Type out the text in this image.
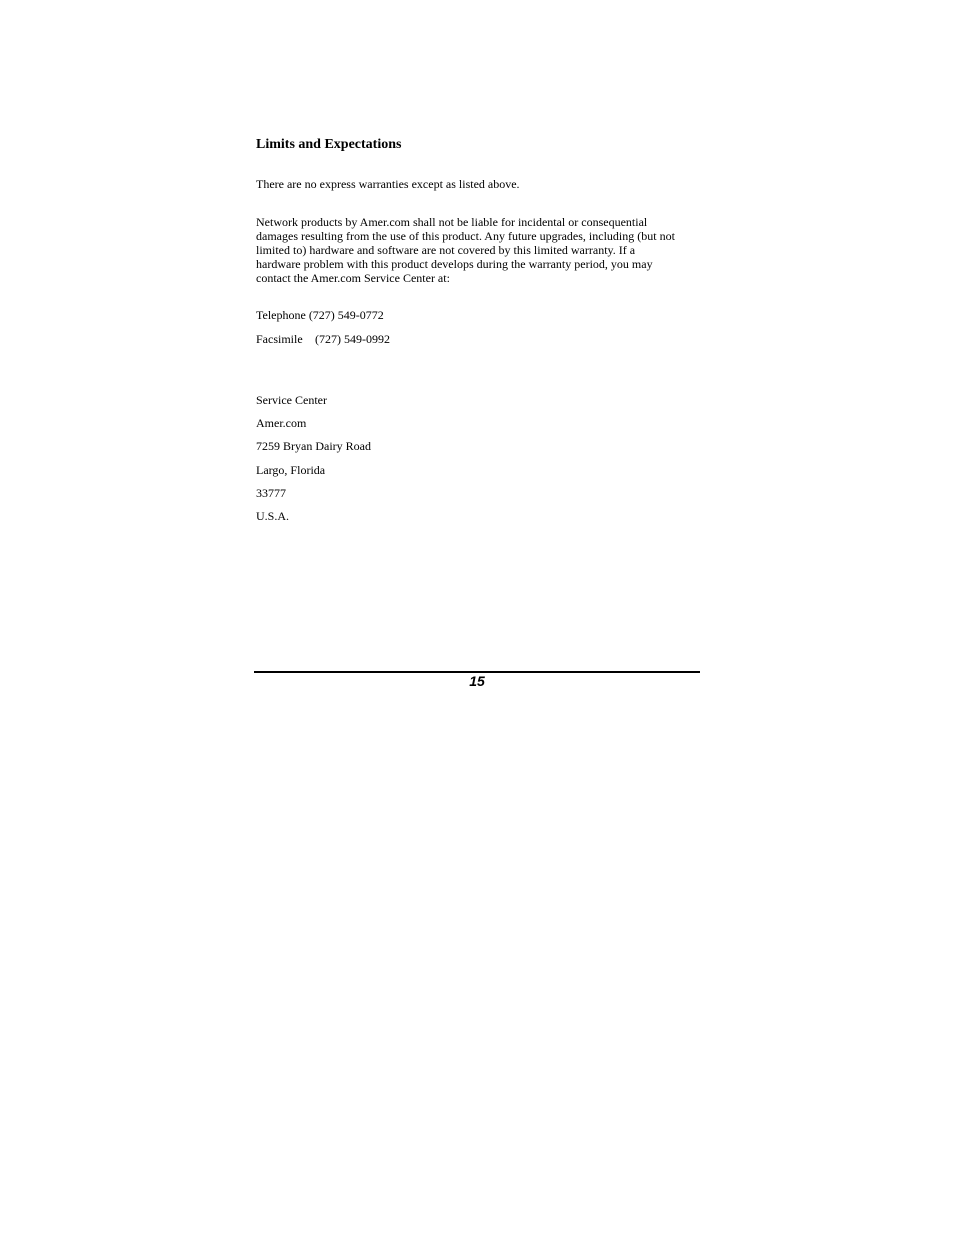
Limits and Expectations

There are no express warranties except as listed above.

Network products by Amer.com shall not be liable for incidental or consequential
damages resulting from the use of this product. Any future upgrades, including (but not
limited to) hardware and software are not covered by this limited warranty. If a
hardware problem with this product develops during the warranty period, you may
contact the Amer.com Service Center at:

Telephone (727) 549-0772
Facsimile (727) 549-0992
Service Center
Amer.com
7259 Bryan Dairy Road
Largo, Florida
33777
U.S.A.
15
